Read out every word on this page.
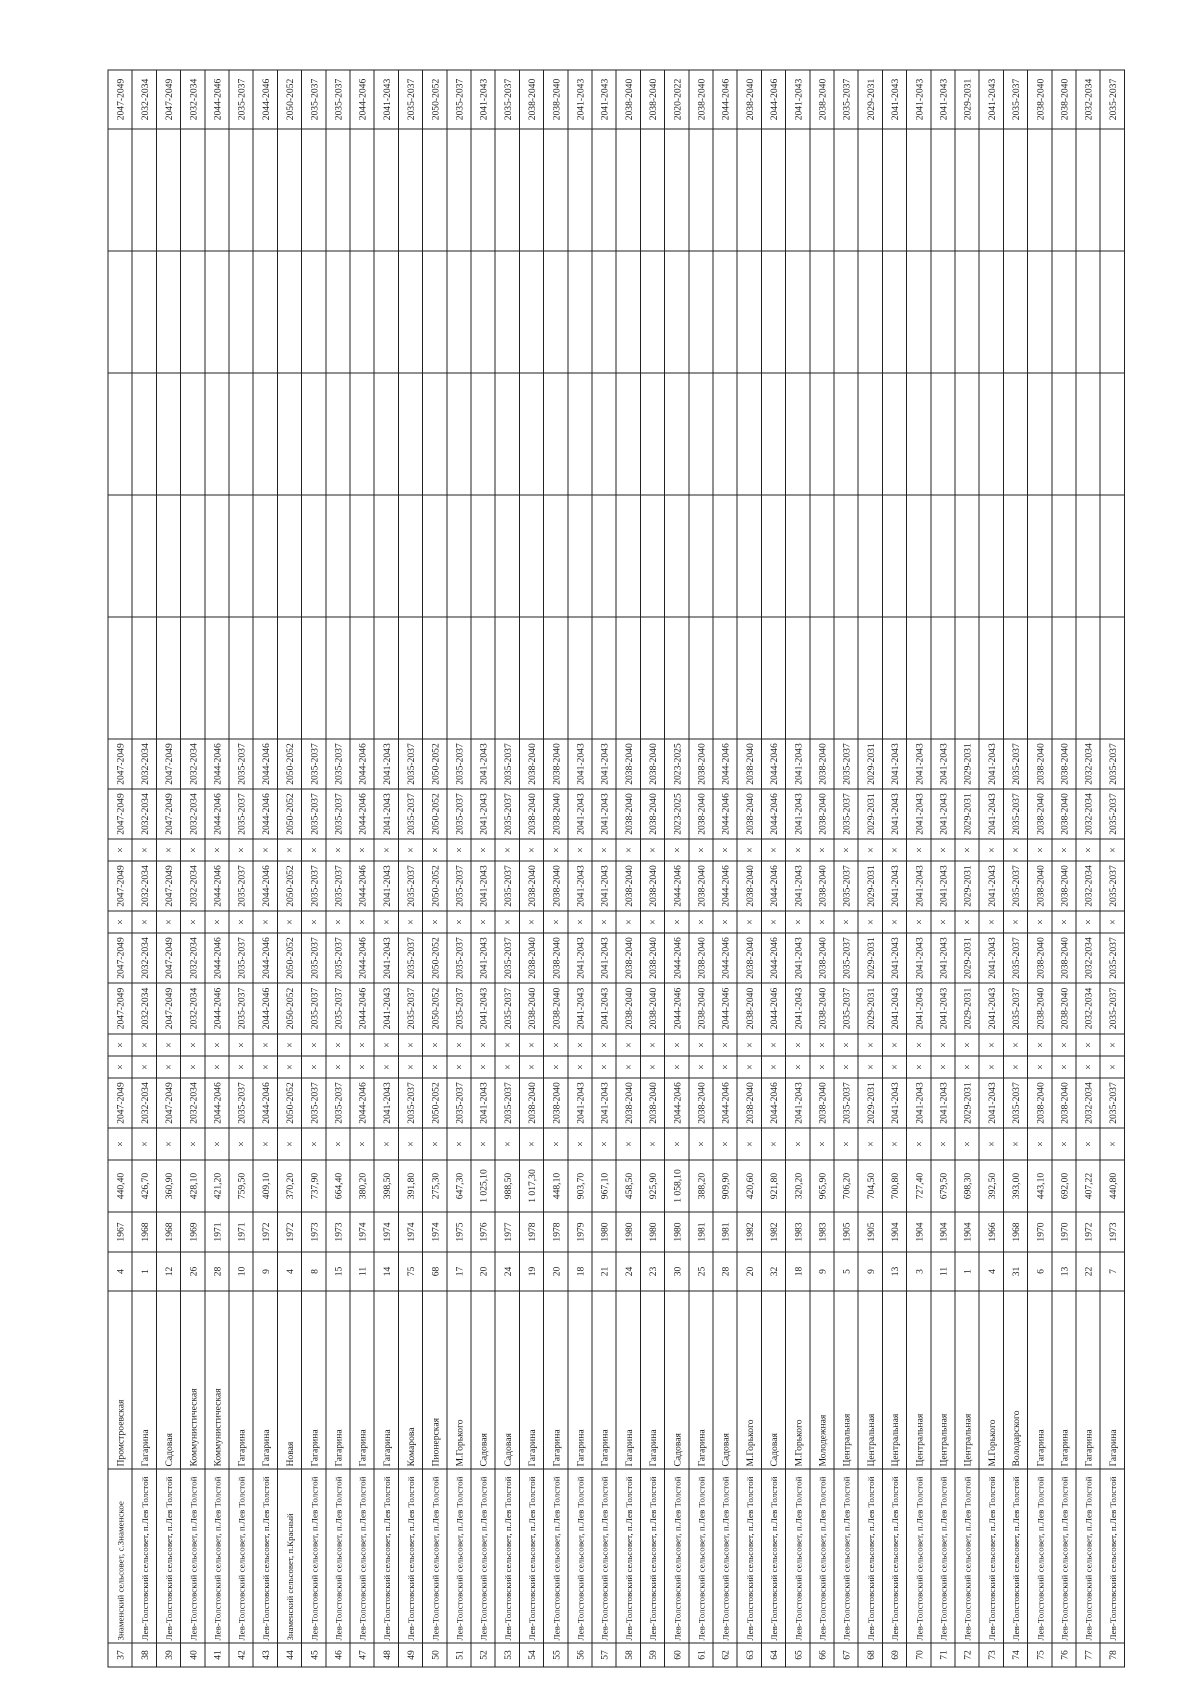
37
Знаменский сельсовет, с.Знаменское
Промстроевская
4
1967
440,40
×
2047-2049
×
×
2047-2049
2047-2049
×
2047-2049
×
2047-2049
2047-2049
2047-2049
38
Лев-Толстовский сельсовет, п.Лев Толстой
Гагарина
1
1968
426,70
×
2032-2034
×
×
2032-2034
2032-2034
×
2032-2034
×
2032-2034
2032-2034
2032-2034
39
Лев-Толстовский сельсовет, п.Лев Толстой
Садовая
12
1968
360,90
×
2047-2049
×
×
2047-2049
2047-2049
×
2047-2049
×
2047-2049
2047-2049
2047-2049
40
Лев-Толстовский сельсовет, п.Лев Толстой
Коммунистическая
26
1969
428,10
×
2032-2034
×
×
2032-2034
2032-2034
×
2032-2034
×
2032-2034
2032-2034
2032-2034
41
Лев-Толстовский сельсовет, п.Лев Толстой
Коммунистическая
28
1971
421,20
×
2044-2046
×
×
2044-2046
2044-2046
×
2044-2046
×
2044-2046
2044-2046
2044-2046
42
Лев-Толстовский сельсовет, п.Лев Толстой
Гагарина
10
1971
759,50
×
2035-2037
×
×
2035-2037
2035-2037
×
2035-2037
×
2035-2037
2035-2037
2035-2037
43
Лев-Толстовский сельсовет, п.Лев Толстой
Гагарина
9
1972
409,10
×
2044-2046
×
×
2044-2046
2044-2046
×
2044-2046
×
2044-2046
2044-2046
2044-2046
44
Знаменский сельсовет, п.Красный
Новая
4
1972
370,20
×
2050-2052
×
×
2050-2052
2050-2052
×
2050-2052
×
2050-2052
2050-2052
2050-2052
45
Лев-Толстовский сельсовет, п.Лев Толстой
Гагарина
8
1973
737,90
×
2035-2037
×
×
2035-2037
2035-2037
×
2035-2037
×
2035-2037
2035-2037
2035-2037
46
Лев-Толстовский сельсовет, п.Лев Толстой
Гагарина
15
1973
664,40
×
2035-2037
×
×
2035-2037
2035-2037
×
2035-2037
×
2035-2037
2035-2037
2035-2037
47
Лев-Толстовский сельсовет, п.Лев Толстой
Гагарина
11
1974
380,20
×
2044-2046
×
×
2044-2046
2044-2046
×
2044-2046
×
2044-2046
2044-2046
2044-2046
48
Лев-Толстовский сельсовет, п.Лев Толстой
Гагарина
14
1974
398,50
×
2041-2043
×
×
2041-2043
2041-2043
×
2041-2043
×
2041-2043
2041-2043
2041-2043
49
Лев-Толстовский сельсовет, п.Лев Толстой
Комарова
75
1974
391,80
×
2035-2037
×
×
2035-2037
2035-2037
×
2035-2037
×
2035-2037
2035-2037
2035-2037
50
Лев-Толстовский сельсовет, п.Лев Толстой
Пионерская
68
1974
275,30
×
2050-2052
×
×
2050-2052
2050-2052
×
2050-2052
×
2050-2052
2050-2052
2050-2052
51
Лев-Толстовский сельсовет, п.Лев Толстой
М.Горького
17
1975
647,30
×
2035-2037
×
×
2035-2037
2035-2037
×
2035-2037
×
2035-2037
2035-2037
2035-2037
52
Лев-Толстовский сельсовет, п.Лев Толстой
Садовая
20
1976
1 025,10
×
2041-2043
×
×
2041-2043
2041-2043
×
2041-2043
×
2041-2043
2041-2043
2041-2043
53
Лев-Толстовский сельсовет, п.Лев Толстой
Садовая
24
1977
988,50
×
2035-2037
×
×
2035-2037
2035-2037
×
2035-2037
×
2035-2037
2035-2037
2035-2037
54
Лев-Толстовский сельсовет, п.Лев Толстой
Гагарина
19
1978
1 017,30
×
2038-2040
×
×
2038-2040
2038-2040
×
2038-2040
×
2038-2040
2038-2040
2038-2040
55
Лев-Толстовский сельсовет, п.Лев Толстой
Гагарина
20
1978
448,10
×
2038-2040
×
×
2038-2040
2038-2040
×
2038-2040
×
2038-2040
2038-2040
2038-2040
56
Лев-Толстовский сельсовет, п.Лев Толстой
Гагарина
18
1979
903,70
×
2041-2043
×
×
2041-2043
2041-2043
×
2041-2043
×
2041-2043
2041-2043
2041-2043
57
Лев-Толстовский сельсовет, п.Лев Толстой
Гагарина
21
1980
967,10
×
2041-2043
×
×
2041-2043
2041-2043
×
2041-2043
×
2041-2043
2041-2043
2041-2043
58
Лев-Толстовский сельсовет, п.Лев Толстой
Гагарина
24
1980
458,50
×
2038-2040
×
×
2038-2040
2038-2040
×
2038-2040
×
2038-2040
2038-2040
2038-2040
59
Лев-Толстовский сельсовет, п.Лев Толстой
Гагарина
23
1980
925,90
×
2038-2040
×
×
2038-2040
2038-2040
×
2038-2040
×
2038-2040
2038-2040
2038-2040
60
Лев-Толстовский сельсовет, п.Лев Толстой
Садовая
30
1980
1 058,10
×
2044-2046
×
×
2044-2046
2044-2046
×
2044-2046
×
2023-2025
2023-2025
2020-2022
61
Лев-Толстовский сельсовет, п.Лев Толстой
Гагарина
25
1981
388,20
×
2038-2040
×
×
2038-2040
2038-2040
×
2038-2040
×
2038-2040
2038-2040
2038-2040
62
Лев-Толстовский сельсовет, п.Лев Толстой
Садовая
28
1981
909,90
×
2044-2046
×
×
2044-2046
2044-2046
×
2044-2046
×
2044-2046
2044-2046
2044-2046
63
Лев-Толстовский сельсовет, п.Лев Толстой
М.Горького
20
1982
420,60
×
2038-2040
×
×
2038-2040
2038-2040
×
2038-2040
×
2038-2040
2038-2040
2038-2040
64
Лев-Толстовский сельсовет, п.Лев Толстой
Садовая
32
1982
921,80
×
2044-2046
×
×
2044-2046
2044-2046
×
2044-2046
×
2044-2046
2044-2046
2044-2046
65
Лев-Толстовский сельсовет, п.Лев Толстой
М.Горького
18
1983
320,20
×
2041-2043
×
×
2041-2043
2041-2043
×
2041-2043
×
2041-2043
2041-2043
2041-2043
66
Лев-Толстовский сельсовет, п.Лев Толстой
Молодежная
9
1983
965,90
×
2038-2040
×
×
2038-2040
2038-2040
×
2038-2040
×
2038-2040
2038-2040
2038-2040
67
Лев-Толстовский сельсовет, п.Лев Толстой
Центральная
5
1905
706,20
×
2035-2037
×
×
2035-2037
2035-2037
×
2035-2037
×
2035-2037
2035-2037
2035-2037
68
Лев-Толстовский сельсовет, п.Лев Толстой
Центральная
9
1905
704,50
×
2029-2031
×
×
2029-2031
2029-2031
×
2029-2031
×
2029-2031
2029-2031
2029-2031
69
Лев-Толстовский сельсовет, п.Лев Толстой
Центральная
13
1904
700,80
×
2041-2043
×
×
2041-2043
2041-2043
×
2041-2043
×
2041-2043
2041-2043
2041-2043
70
Лев-Толстовский сельсовет, п.Лев Толстой
Центральная
3
1904
727,40
×
2041-2043
×
×
2041-2043
2041-2043
×
2041-2043
×
2041-2043
2041-2043
2041-2043
71
Лев-Толстовский сельсовет, п.Лев Толстой
Центральная
11
1904
679,50
×
2041-2043
×
×
2041-2043
2041-2043
×
2041-2043
×
2041-2043
2041-2043
2041-2043
72
Лев-Толстовский сельсовет, п.Лев Толстой
Центральная
1
1904
698,30
×
2029-2031
×
×
2029-2031
2029-2031
×
2029-2031
×
2029-2031
2029-2031
2029-2031
73
Лев-Толстовский сельсовет, п.Лев Толстой
М.Горького
4
1966
392,50
×
2041-2043
×
×
2041-2043
2041-2043
×
2041-2043
×
2041-2043
2041-2043
2041-2043
74
Лев-Толстовский сельсовет, п.Лев Толстой
Володарского
31
1968
393,00
×
2035-2037
×
×
2035-2037
2035-2037
×
2035-2037
×
2035-2037
2035-2037
2035-2037
75
Лев-Толстовский сельсовет, п.Лев Толстой
Гагарина
6
1970
443,10
×
2038-2040
×
×
2038-2040
2038-2040
×
2038-2040
×
2038-2040
2038-2040
2038-2040
76
Лев-Толстовский сельсовет, п.Лев Толстой
Гагарина
13
1970
692,00
×
2038-2040
×
×
2038-2040
2038-2040
×
2038-2040
×
2038-2040
2038-2040
2038-2040
77
Лев-Толстовский сельсовет, п.Лев Толстой
Гагарина
22
1972
407,22
×
2032-2034
×
×
2032-2034
2032-2034
×
2032-2034
×
2032-2034
2032-2034
2032-2034
78
Лев-Толстовский сельсовет, п.Лев Толстой
Гагарина
7
1973
440,80
×
2035-2037
×
×
2035-2037
2035-2037
×
2035-2037
×
2035-2037
2035-2037
2035-2037
